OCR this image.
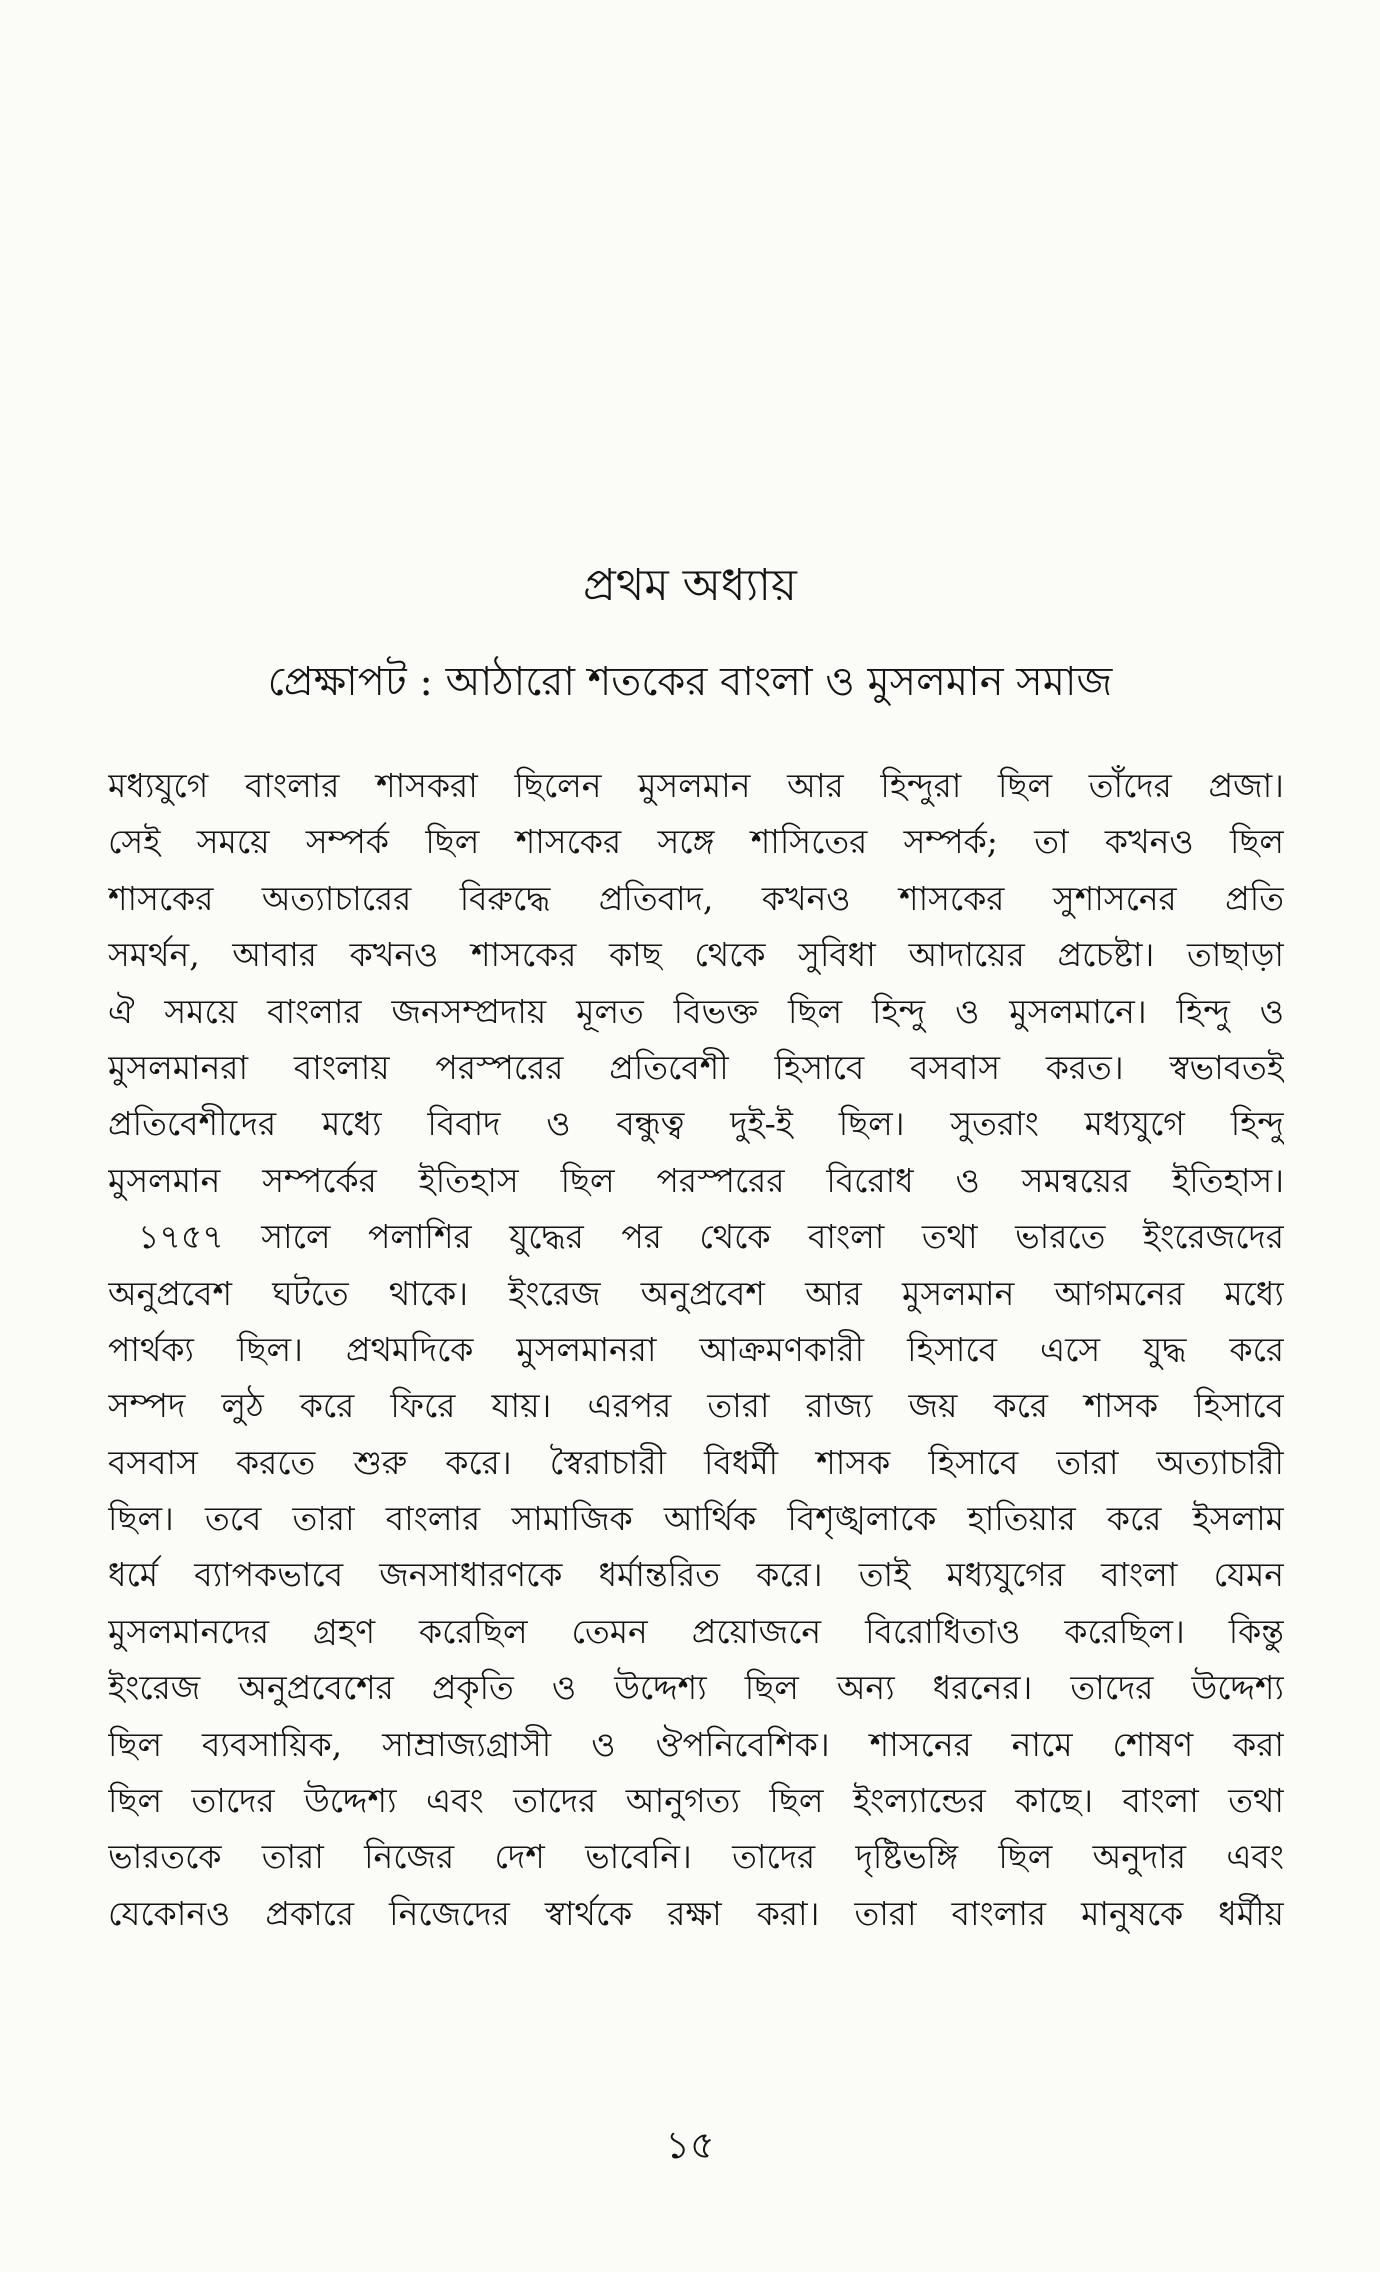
প্রথম অধ্যায়
প্রেক্ষাপট : আঠারো শতকের বাংলা ও মুসলমান সমাজ
মধ্যযুগে বাংলার শাসকরা ছিলেন মুসলমান আর হিন্দুরা ছিল তাঁদের প্রজা।
সেই সময়ে সম্পর্ক ছিল শাসকের সঙ্গে শাসিতের সম্পর্ক; তা কখনও ছিল
শাসকের অত্যাচারের বিরুদ্ধে প্রতিবাদ, কখনও শাসকের সুশাসনের প্রতি
সমর্থন, আবার কখনও শাসকের কাছ থেকে সুবিধা আদায়ের প্রচেষ্টা। তাছাড়া
ঐ সময়ে বাংলার জনসম্প্রদায় মূলত বিভক্ত ছিল হিন্দু ও মুসলমানে। হিন্দু ও
মুসলমানরা বাংলায় পরস্পরের প্রতিবেশী হিসাবে বসবাস করত। স্বভাবতই
প্রতিবেশীদের মধ্যে বিবাদ ও বন্ধুত্ব দুই-ই ছিল। সুতরাং মধ্যযুগে হিন্দু
মুসলমান সম্পর্কের ইতিহাস ছিল পরস্পরের বিরোধ ও সমন্বয়ের ইতিহাস।
১৭৫৭ সালে পলাশির যুদ্ধের পর থেকে বাংলা তথা ভারতে ইংরেজদের
অনুপ্রবেশ ঘটতে থাকে। ইংরেজ অনুপ্রবেশ আর মুসলমান আগমনের মধ্যে
পার্থক্য ছিল। প্রথমদিকে মুসলমানরা আক্রমণকারী হিসাবে এসে যুদ্ধ করে
সম্পদ লুঠ করে ফিরে যায়। এরপর তারা রাজ্য জয় করে শাসক হিসাবে
বসবাস করতে শুরু করে। স্বৈরাচারী বিধর্মী শাসক হিসাবে তারা অত্যাচারী
ছিল। তবে তারা বাংলার সামাজিক আর্থিক বিশৃঙ্খলাকে হাতিয়ার করে ইসলাম
ধর্মে ব্যাপকভাবে জনসাধারণকে ধর্মান্তরিত করে। তাই মধ্যযুগের বাংলা যেমন
মুসলমানদের গ্রহণ করেছিল তেমন প্রয়োজনে বিরোধিতাও করেছিল। কিন্তু
ইংরেজ অনুপ্রবেশের প্রকৃতি ও উদ্দেশ্য ছিল অন্য ধরনের। তাদের উদ্দেশ্য
ছিল ব্যবসায়িক, সাম্রাজ্যগ্রাসী ও ঔপনিবেশিক। শাসনের নামে শোষণ করা
ছিল তাদের উদ্দেশ্য এবং তাদের আনুগত্য ছিল ইংল্যান্ডের কাছে। বাংলা তথা
ভারতকে তারা নিজের দেশ ভাবেনি। তাদের দৃষ্টিভঙ্গি ছিল অনুদার এবং
যেকোনও প্রকারে নিজেদের স্বার্থকে রক্ষা করা। তারা বাংলার মানুষকে ধর্মীয়
১৫
